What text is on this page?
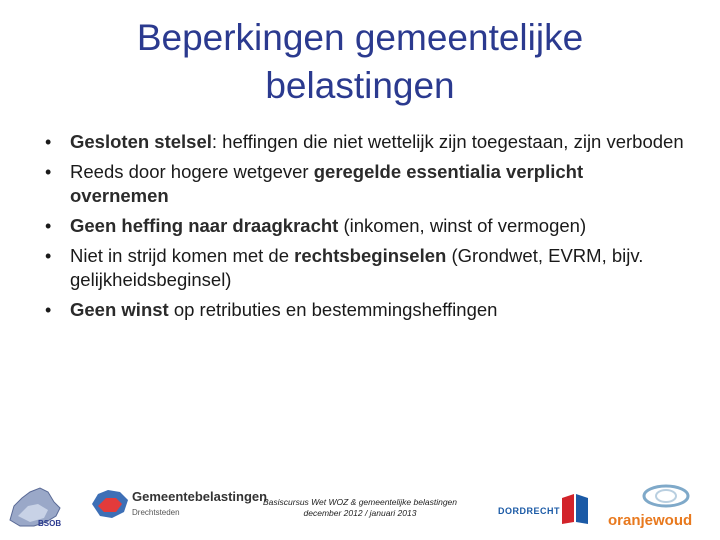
Beperkingen gemeentelijke
belastingen
• Gesloten stelsel: heffingen die niet wettelijk zijn toegestaan, zijn verboden
• Reeds door hogere wetgever geregelde essentialia verplicht overnemen
• Geen heffing naar draagkracht (inkomen, winst of vermogen)
• Niet in strijd komen met de rechtsbeginselen (Grondwet, EVRM, bijv. gelijkheidsbeginsel)
• Geen winst op retributies en bestemmingsheffingen
BSOB
Gemeentebelastingen
Drechtsteden
Basiscursus Wet WOZ & gemeentelijke belastingen
december 2012 / januari 2013	DORDRECHT
oranjewoud
